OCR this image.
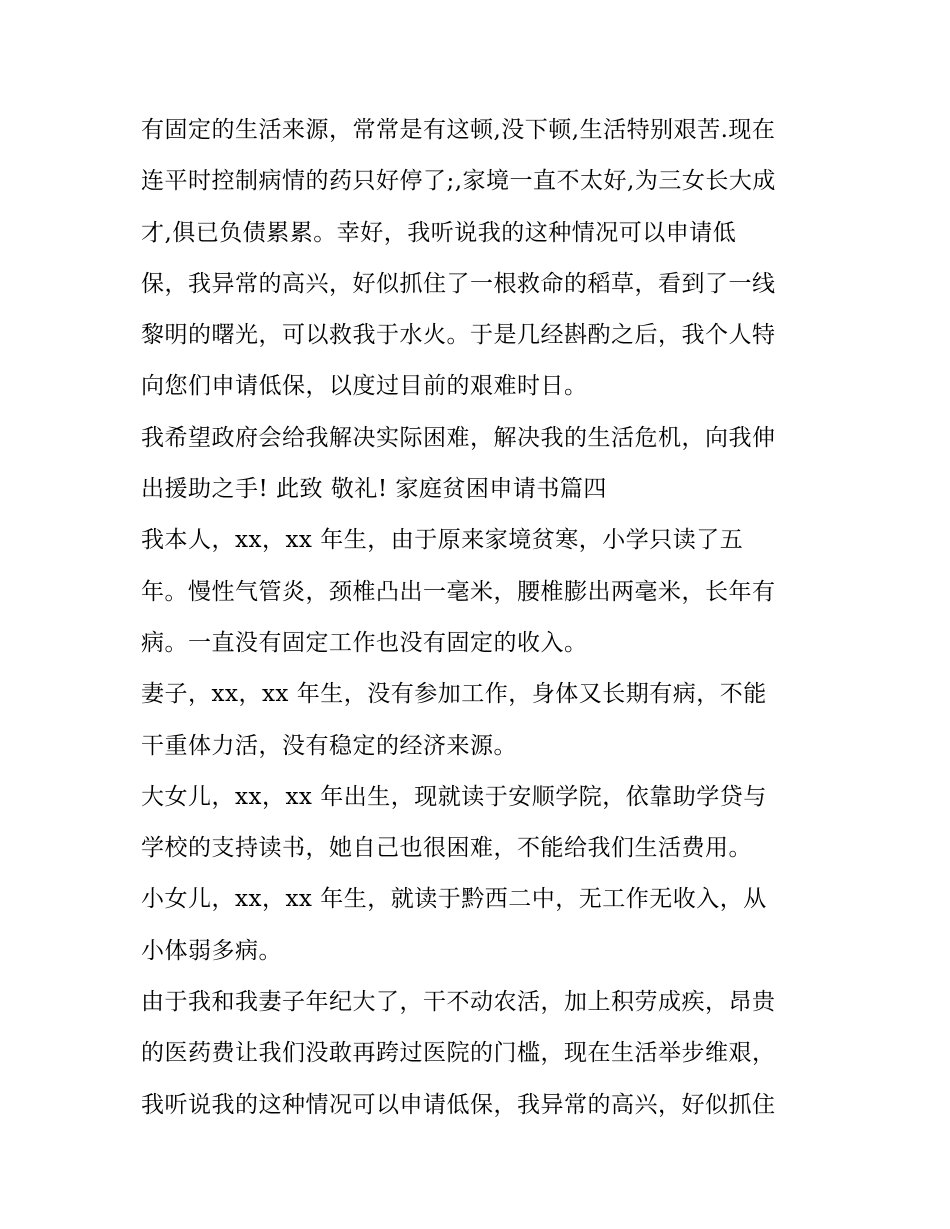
有固定的生活来源，常常是有这顿,没下顿,生活特别艰苦.现在
连平时控制病情的药只好停了;,家境一直不太好,为三女长大成
才,俱已负债累累。幸好，我听说我的这种情况可以申请低
保，我异常的高兴，好似抓住了一根救命的稻草，看到了一线
黎明的曙光，可以救我于水火。于是几经斟酌之后，我个人特
向您们申请低保，以度过目前的艰难时日。
我希望政府会给我解决实际困难，解决我的生活危机，向我伸
出援助之手! 此致 敬礼! 家庭贫困申请书篇四
我本人，xx，xx 年生，由于原来家境贫寒，小学只读了五
年。慢性气管炎，颈椎凸出一毫米，腰椎膨出两毫米，长年有
病。一直没有固定工作也没有固定的收入。
妻子，xx，xx 年生，没有参加工作，身体又长期有病，不能
干重体力活，没有稳定的经济来源。
大女儿，xx，xx 年出生，现就读于安顺学院，依靠助学贷与
学校的支持读书，她自己也很困难，不能给我们生活费用。
小女儿，xx，xx 年生，就读于黔西二中，无工作无收入，从
小体弱多病。
由于我和我妻子年纪大了，干不动农活，加上积劳成疾，昂贵
的医药费让我们没敢再跨过医院的门槛，现在生活举步维艰，
我听说我的这种情况可以申请低保，我异常的高兴，好似抓住
